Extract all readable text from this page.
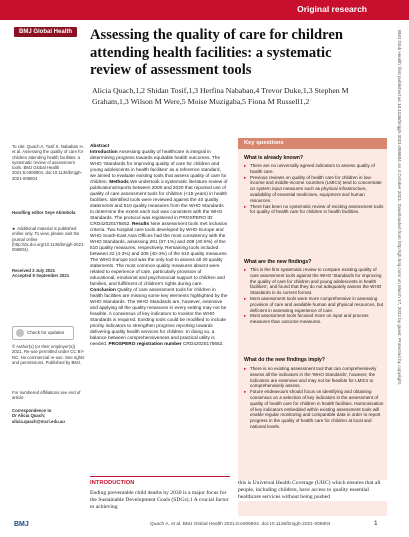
Original research
BMJ Global Health	Assessing the quality of care for children attending health facilities: a systematic review of assessment tools
Alicia Quach,1,2 Shidan Tosif,1,3 Herfina Nababan,4 Trevor Duke,1,3 Stephen M Graham,1,3 Wilson M Were,5 Moise Muzigaba,5 Fiona M Russell1,2
To cite: Quach A, Tosif S, Nababan H, et al. Assessing the quality of care for children attending health facilities: a systematic review of assessment tools. BMJ Global Health 2021;6:e006804. doi:10.1136/bmjgh-2021-006804
Handling editor Seye Abimbola
► Additional material is published online only. To view, please visit the journal online (http://dx.doi.org/10.1136/bmjgh-2021-006804).
Received 3 July 2021
Accepted 9 September 2021
Check for updates
© Author(s) (or their employer(s)) 2021. Re-use permitted under CC BY-NC. No commercial re-use. See rights and permissions. Published by BMJ.
For numbered affiliations see end of article.
Correspondence to
Dr Alicia Quach;
alicia.quach@mcri.edu.au

Abstract
Introduction Assessing quality of healthcare is integral in determining progress towards equitable health outcomes. The WHO 'Standards for improving quality of care for children and young adolescents in health facilities' as a reference standard, we aimed to evaluate existing tools that assess quality of care for children. Methods We undertook a systematic literature review of publications/reports between 2000 and 2020 that reported use of quality of care assessment tools for children (<15 years) in health facilities. Identified tools were reviewed against the 40 quality statements and 510 quality measures from the WHO Standards to determine the extent each tool was consistent with the WHO Standards. The protocol was registered in PROSPERO ID: CRD42020175652. Results Nine assessment tools met inclusion criteria. Two hospital care tools developed by WHO Europe and WHO South-East Asia Offices had the most consistency with the WHO Standards, assessing 291 (57·1%) and 208 (40·8%) of the 510 quality measures, respectively. Remaining tools included between 22 (4·3%) and 206 (40·4%) of the 510 quality measures. The WHO Europe tool was the only tool to assess all 40 quality statements. The most common quality measures absent were related to experience of care, particularly provision of educational, emotional and psychosocial support to children and families, and fulfilment of children's rights during care. Conclusion Quality of care assessment tools for children in health facilities are missing some key elements highlighted by the WHO Standards. The WHO Standards are, however, extensive and applying all the quality measures in every setting may not be feasible. A consensus of key indicators to monitor the WHO Standards is required. Existing tools could be modified to include priority indicators to strengthen progress reporting towards delivering quality health services for children. In doing so, a balance between comprehensiveness and practical utility is needed. PROSPERO registration number CRD42020175652.

Key questions
What is already known?
▸ There are no universally agreed indicators to assess quality of health care.
▸ Previous reviews on quality of health care for children in low-income and middle-income countries (LMICs) tend to concentrate on system input measures such as physical infrastructure, availability of essential medicines, equipment and human resources.
▸ There has been no systematic review of existing assessment tools for quality of health care for children in health facilities.
What are the new findings?
▸ This is the first systematic review to compare existing quality of care assessment tools against the WHO 'Standards for improving the quality of care for children and young adolescents in health facilities', and found that they do not adequately assess the WHO Standards in its current format.
▸ Most assessment tools were more comprehensive in assessing provision of care and available human and physical resources, but deficient in assessing experience of care.
▸ Most assessment tools focused more on input and process measures than outcome measures.
What do the new findings imply?
▸ There is no existing assessment tool that can comprehensively assess all the indicators in the 'WHO Standards', however, the indicators are extensive and may not be feasible for LMICs to comprehensively assess.
▸ Future endeavours should focus on identifying and obtaining consensus on a selection of key indicators in the assessment of quality of health care for children in health facilities. Harmonisation of key indicators embedded within existing assessment tools will enable regular monitoring and comparable data in order to report progress in the quality of health care for children at local and national levels.
INTRODUCTION

Ending preventable child deaths by 2030 is a major focus for the Sustainable Development Goals (SDGs).1 A crucial factor to achieving

this is Universal Health Coverage (UHC) which ensures that all people, including children, have access to quality essential healthcare services without being pushed

BMJ Glob Health: first published as 10.1136/bmjgh-2021-006804 on 4 October 2021. Downloaded from http://gh.bmj.com/ on March 17, 2022 by guest. Protected by copyright.
BMJ	Quach A, et al. BMJ Global Health 2021;6:e006804. doi:10.1136/bmjgh-2021-006804	1
